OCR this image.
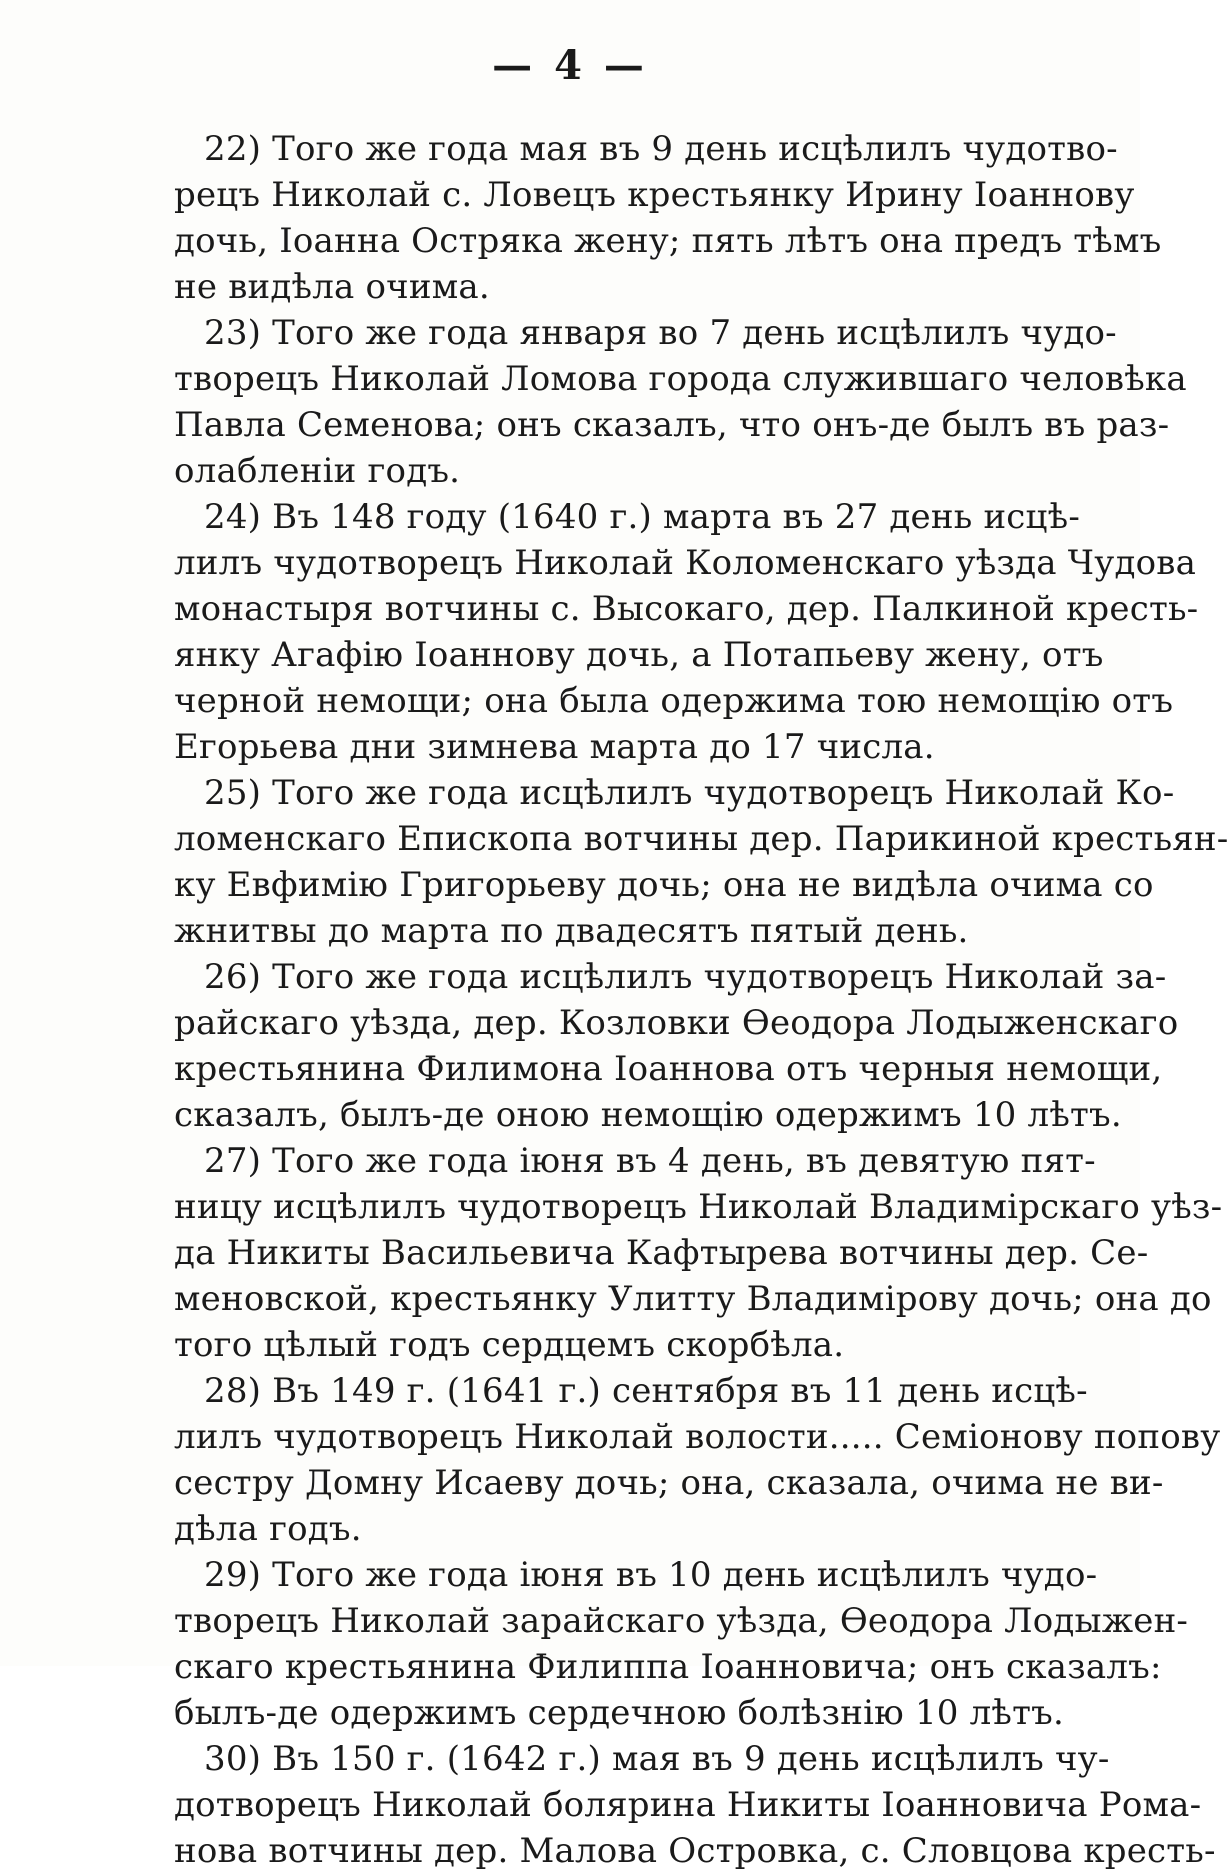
— 4 —
22) Того же года мая въ 9 день исцѣлилъ чудотво-
рецъ Николай с. Ловецъ крестьянку Ирину Іоаннову
дочь, Іоанна Остряка жену; пять лѣтъ она предъ тѣмъ
не видѣла очима.
23) Того же года января во 7 день исцѣлилъ чудо-
творецъ Николай Ломова города служившаго человѣка
Павла Семенова; онъ сказалъ, что онъ-де былъ въ раз-
олабленіи годъ.
24) Въ 148 году (1640 г.) марта въ 27 день исцѣ-
лилъ чудотворецъ Николай Коломенскаго уѣзда Чудова
монастыря вотчины с. Высокаго, дер. Палкиной кресть-
янку Агафію Іоаннову дочь, а Потапьеву жену, отъ
черной немощи; она была одержима тою немощію отъ
Егорьева дни зимнева марта до 17 числа.
25) Того же года исцѣлилъ чудотворецъ Николай Ко-
ломенскаго Епископа вотчины дер. Парикиной крестьян-
ку Евфимію Григорьеву дочь; она не видѣла очима со
жнитвы до марта по двадесятъ пятый день.
26) Того же года исцѣлилъ чудотворецъ Николай за-
райскаго уѣзда, дер. Козловки Өеодора Лодыженскаго
крестьянина Филимона Іоаннова отъ черныя немощи,
сказалъ, былъ-де оною немощію одержимъ 10 лѣтъ.
27) Того же года іюня въ 4 день, въ девятую пят-
ницу исцѣлилъ чудотворецъ Николай Владимірскаго уѣз-
да Никиты Васильевича Кафтырева вотчины дер. Се-
меновской, крестьянку Улитту Владимірову дочь; она до
того цѣлый годъ сердцемъ скорбѣла.
28) Въ 149 г. (1641 г.) сентября въ 11 день исцѣ-
лилъ чудотворецъ Николай волости..... Семіонову попову
сестру Домну Исаеву дочь; она, сказала, очима не ви-
дѣла годъ.
29) Того же года іюня въ 10 день исцѣлилъ чудо-
творецъ Николай зарайскаго уѣзда, Өеодора Лодыжен-
скаго крестьянина Филиппа Іоанновича; онъ сказалъ:
былъ-де одержимъ сердечною болѣзнію 10 лѣтъ.
30) Въ 150 г. (1642 г.) мая въ 9 день исцѣлилъ чу-
дотворецъ Николай болярина Никиты Іоанновича Рома-
нова вотчины дер. Малова Островка, с. Словцова кресть-
